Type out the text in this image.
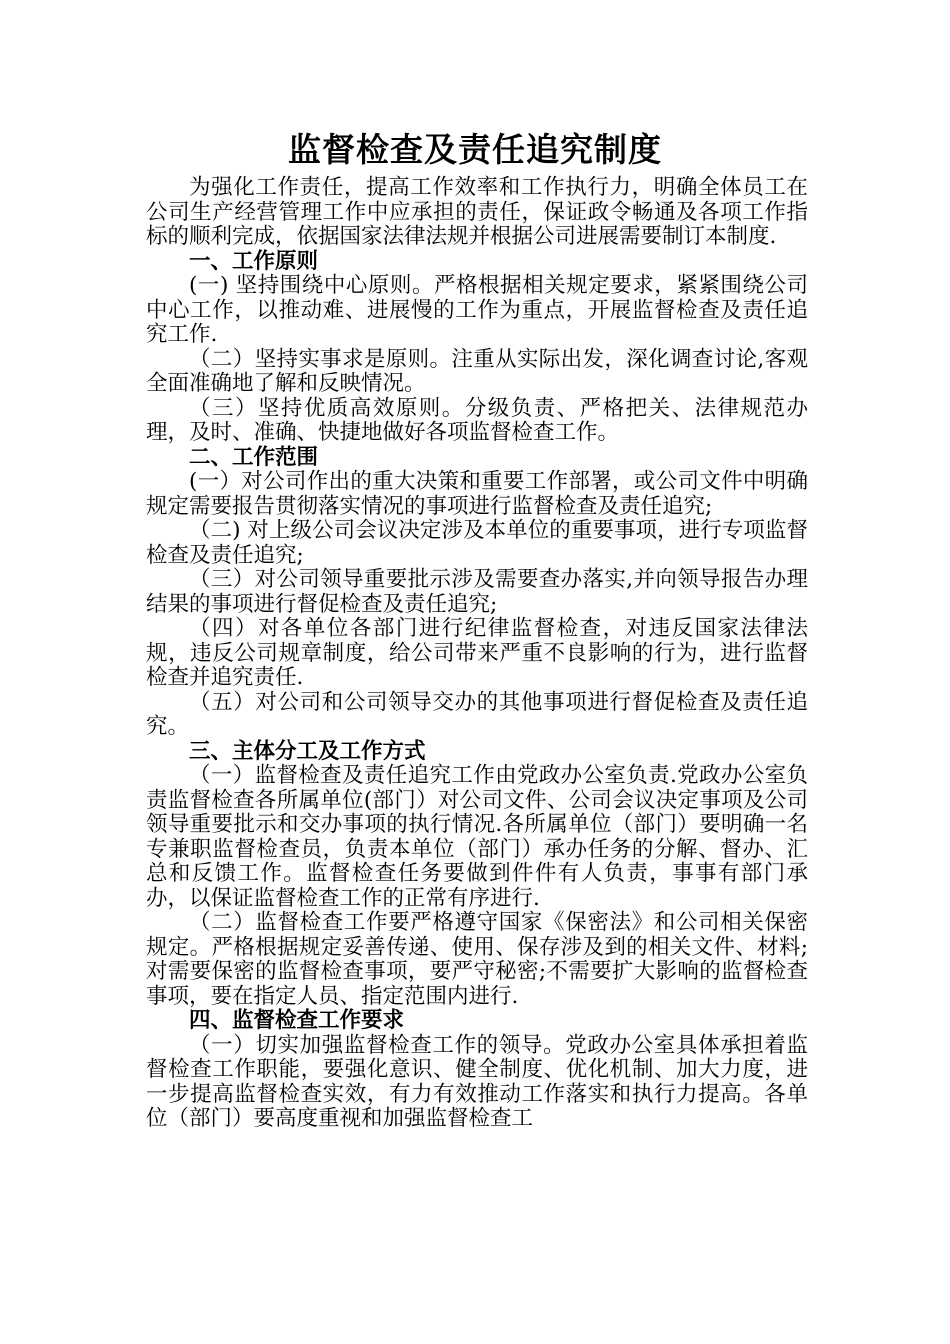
监督检查及责任追究制度

为强化工作责任，提高工作效率和工作执行力，明确全体员工在公司生产经营管理工作中应承担的责任，保证政令畅通及各项工作指标的顺利完成，依据国家法律法规并根据公司进展需要制订本制度.

一、工作原则

(一) 坚持围绕中心原则。严格根据相关规定要求，紧紧围绕公司中心工作，以推动难、进展慢的工作为重点，开展监督检查及责任追究工作.

（二）坚持实事求是原则。注重从实际出发，深化调查讨论,客观全面准确地了解和反映情况。

（三）坚持优质高效原则。分级负责、严格把关、法律规范办理，及时、准确、快捷地做好各项监督检查工作。

二、工作范围

(一）对公司作出的重大决策和重要工作部署，或公司文件中明确规定需要报告贯彻落实情况的事项进行监督检查及责任追究;

（二) 对上级公司会议决定涉及本单位的重要事项，进行专项监督检查及责任追究;

（三）对公司领导重要批示涉及需要查办落实,并向领导报告办理结果的事项进行督促检查及责任追究;

（四）对各单位各部门进行纪律监督检查，对违反国家法律法规，违反公司规章制度，给公司带来严重不良影响的行为，进行监督检查并追究责任.

（五）对公司和公司领导交办的其他事项进行督促检查及责任追究。

三、主体分工及工作方式

（一）监督检查及责任追究工作由党政办公室负责.党政办公室负责监督检查各所属单位(部门）对公司文件、公司会议决定事项及公司领导重要批示和交办事项的执行情况.各所属单位（部门）要明确一名专兼职监督检查员，负责本单位（部门）承办任务的分解、督办、汇总和反馈工作。监督检查任务要做到件件有人负责，事事有部门承办，以保证监督检查工作的正常有序进行.

（二）监督检查工作要严格遵守国家《保密法》和公司相关保密规定。严格根据规定妥善传递、使用、保存涉及到的相关文件、材料; 对需要保密的监督检查事项，要严守秘密;不需要扩大影响的监督检查事项，要在指定人员、指定范围内进行.

四、监督检查工作要求

（一）切实加强监督检查工作的领导。党政办公室具体承担着监督检查工作职能，要强化意识、健全制度、优化机制、加大力度，进一步提高监督检查实效，有力有效推动工作落实和执行力提高。各单位（部门）要高度重视和加强监督检查工
